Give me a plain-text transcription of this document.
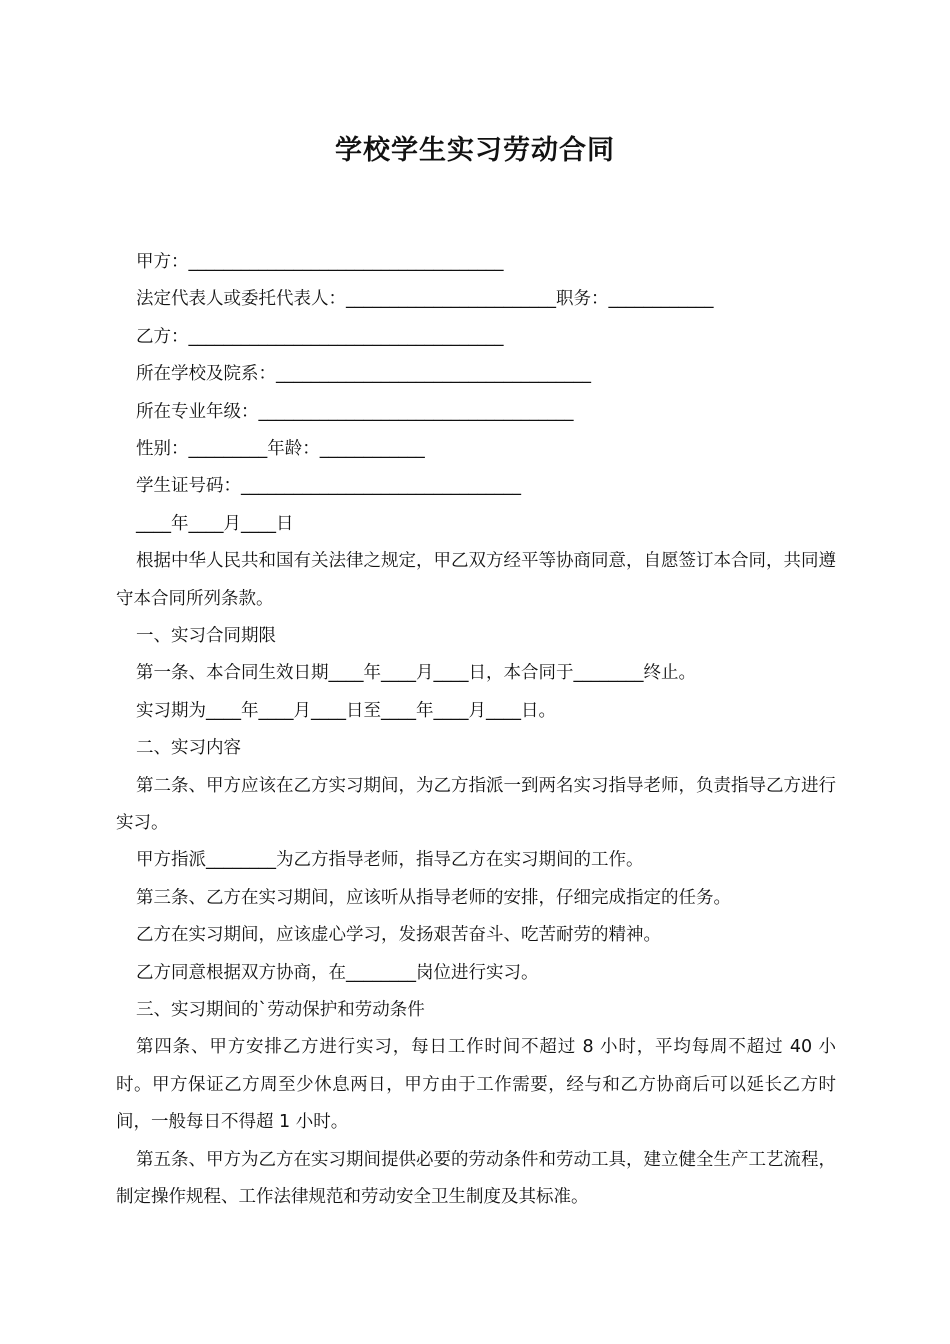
学校学生实习劳动合同
甲方：____________________________________
法定代表人或委托代表人：________________________职务：____________
乙方：____________________________________
所在学校及院系：____________________________________
所在专业年级：____________________________________
性别：_________年龄：____________
学生证号码：________________________________
____年____月____日
根据中华人民共和国有关法律之规定，甲乙双方经平等协商同意，自愿签订本合同，共同遵守本合同所列条款。
一、实习合同期限
第一条、本合同生效日期____年____月____日，本合同于________终止。
实习期为____年____月____日至____年____月____日。
二、实习内容
第二条、甲方应该在乙方实习期间，为乙方指派一到两名实习指导老师，负责指导乙方进行实习。
甲方指派________为乙方指导老师，指导乙方在实习期间的工作。
第三条、乙方在实习期间，应该听从指导老师的安排，仔细完成指定的任务。
乙方在实习期间，应该虚心学习，发扬艰苦奋斗、吃苦耐劳的精神。
乙方同意根据双方协商，在________岗位进行实习。
三、实习期间的`劳动保护和劳动条件
第四条、甲方安排乙方进行实习，每日工作时间不超过 8 小时，平均每周不超过 40 小时。甲方保证乙方周至少休息两日，甲方由于工作需要，经与和乙方协商后可以延长乙方时间，一般每日不得超 1 小时。
第五条、甲方为乙方在实习期间提供必要的劳动条件和劳动工具，建立健全生产工艺流程，制定操作规程、工作法律规范和劳动安全卫生制度及其标准。
